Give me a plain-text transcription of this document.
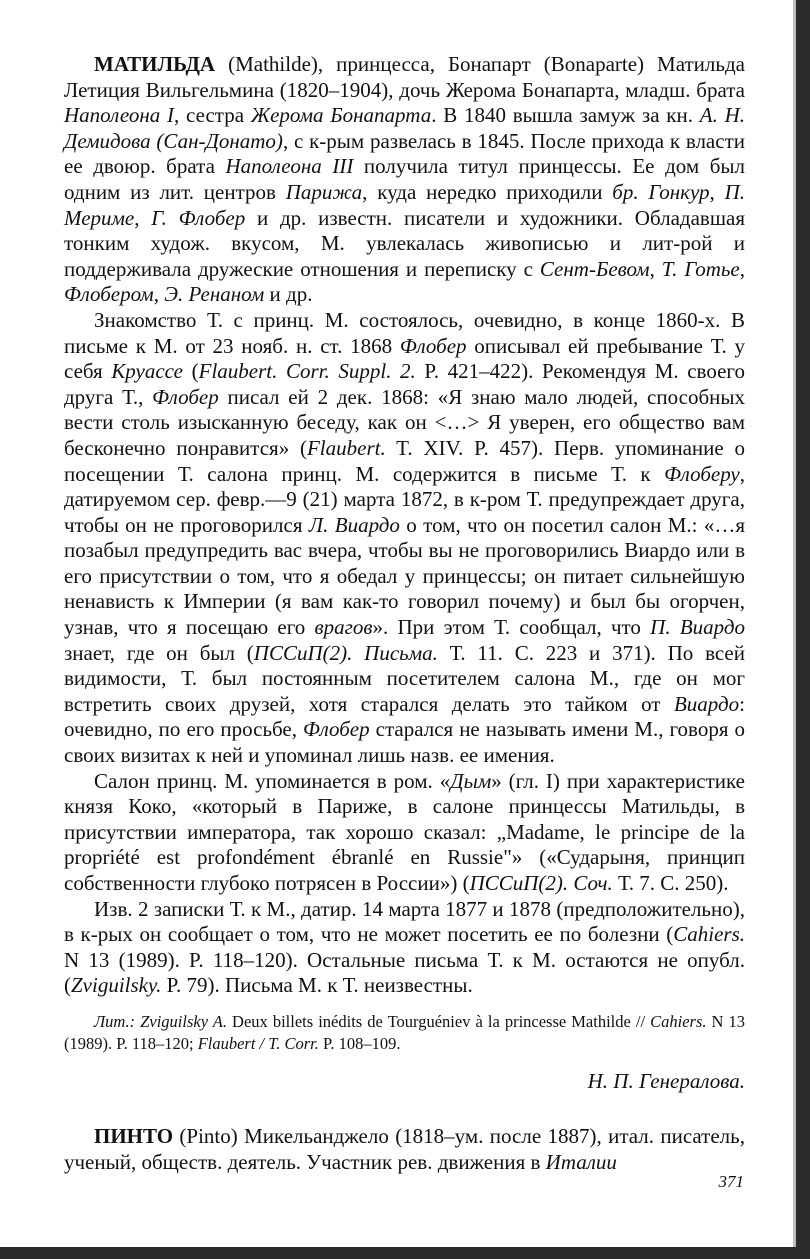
МАТИЛЬДА (Mathilde), принцесса, Бонапарт (Bonaparte) Матильда Летиция Вильгельмина (1820–1904), дочь Жерома Бонапарта, младш. брата Наполеона I, сестра Жерома Бонапарта. В 1840 вышла замуж за кн. А. Н. Демидова (Сан-Донато), с к-рым развелась в 1845. После прихода к власти ее двоюр. брата Наполеона III получила титул принцессы. Ее дом был одним из лит. центров Парижа, куда нередко приходили бр. Гонкур, П. Мериме, Г. Флобер и др. известн. писатели и художники. Обладавшая тонким худож. вкусом, М. увлекалась живописью и лит-рой и поддерживала дружеские отношения и переписку с Сент-Бевом, Т. Готье, Флобером, Э. Ренаном и др.

Знакомство Т. с принц. М. состоялось, очевидно, в конце 1860-х. В письме к М. от 23 нояб. н. ст. 1868 Флобер описывал ей пребывание Т. у себя Круассе (Flaubert. Corr. Suppl. 2. P. 421–422). Рекомендуя М. своего друга Т., Флобер писал ей 2 дек. 1868: «Я знаю мало людей, способных вести столь изысканную беседу, как он <…> Я уверен, его общество вам бесконечно понравится» (Flaubert. T. XIV. P. 457). Перв. упоминание о посещении Т. салона принц. М. содержится в письме Т. к Флоберу, датируемом сер. февр.—9 (21) марта 1872, в к-ром Т. предупреждает друга, чтобы он не проговорился Л. Виардо о том, что он посетил салон М.: «…я позабыл предупредить вас вчера, чтобы вы не проговорились Виардо или в его присутствии о том, что я обедал у принцессы; он питает сильнейшую ненависть к Империи (я вам как-то говорил почему) и был бы огорчен, узнав, что я посещаю его врагов». При этом Т. сообщал, что П. Виардо знает, где он был (ПССиП(2). Письма. Т. 11. С. 223 и 371). По всей видимости, Т. был постоянным посетителем салона М., где он мог встретить своих друзей, хотя старался делать это тайком от Виардо: очевидно, по его просьбе, Флобер старался не называть имени М., говоря о своих визитах к ней и упоминал лишь назв. ее имения.

Салон принц. М. упоминается в ром. «Дым» (гл. I) при характеристике князя Коко, «который в Париже, в салоне принцессы Матильды, в присутствии императора, так хорошо сказал: „Madame, le principe de la propriété est profondément ébranlé en Russie"» («Сударыня, принцип собственности глубоко потрясен в России») (ПССиП(2). Соч. Т. 7. С. 250).

Изв. 2 записки Т. к М., датир. 14 марта 1877 и 1878 (предположительно), в к-рых он сообщает о том, что не может посетить ее по болезни (Cahiers. N 13 (1989). P. 118–120). Остальные письма Т. к М. остаются не опубл. (Zviguilsky. P. 79). Письма М. к Т. неизвестны.

Лит.: Zviguilsky A. Deux billets inédits de Tourguéniev à la princesse Mathilde // Cahiers. N 13 (1989). P. 118–120; Flaubert / T. Corr. P. 108–109.
Н. П. Генералова.

ПИНТО (Pinto) Микельанджело (1818–ум. после 1887), итал. писатель, ученый, обществ. деятель. Участник рев. движения в Италии

371
